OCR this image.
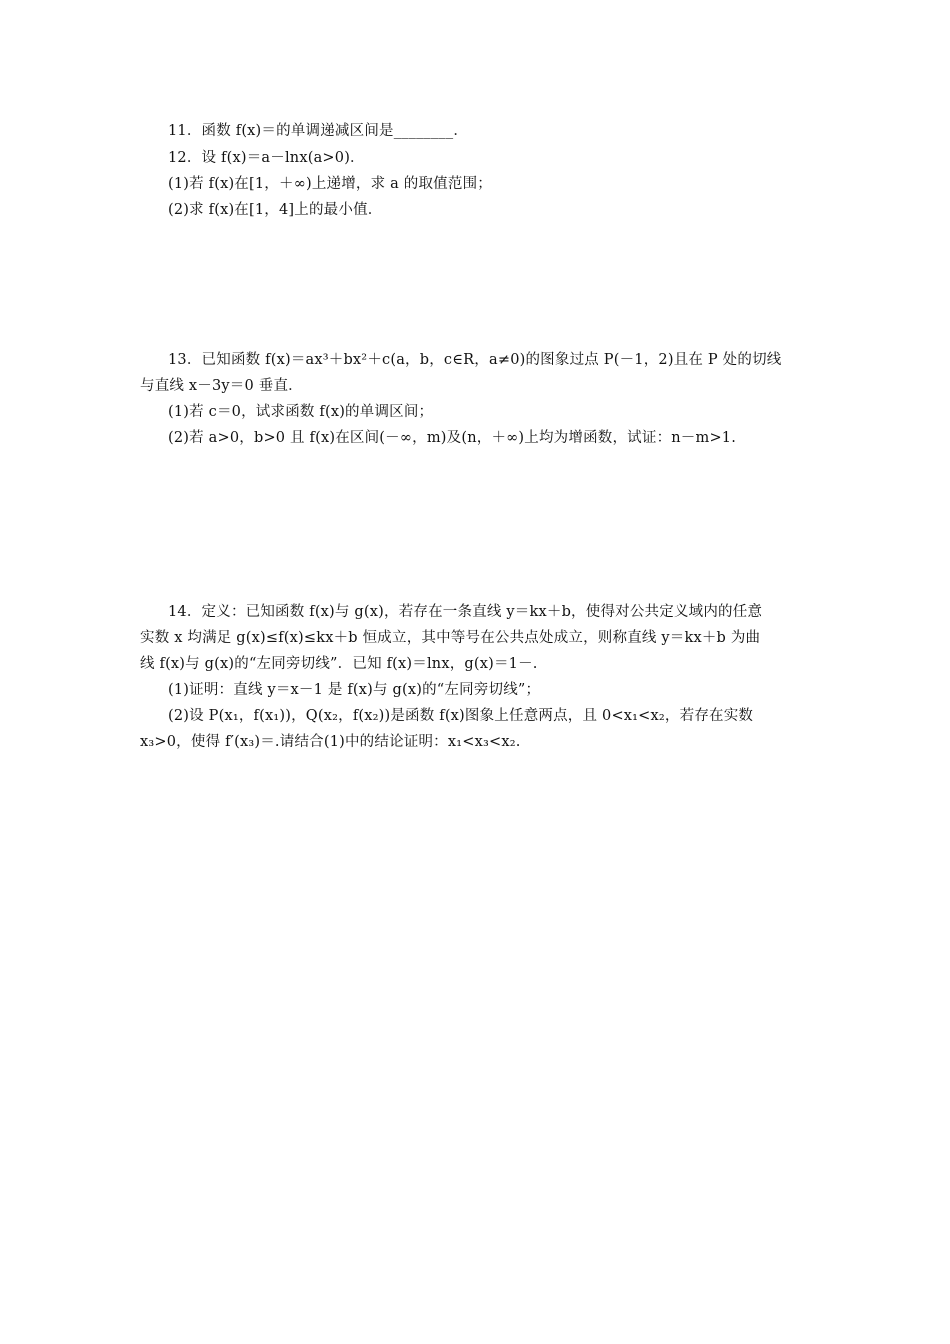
11．函数 f(x)＝的单调递减区间是________．
12．设 f(x)＝a－lnx(a>0)．
(1)若 f(x)在[1，＋∞)上递增，求 a 的取值范围；
(2)求 f(x)在[1，4]上的最小值．
13．已知函数 f(x)＝ax³＋bx²＋c(a，b，c∈R，a≠0)的图象过点 P(－1，2)且在 P 处的切线
与直线 x－3y＝0 垂直．
(1)若 c＝0，试求函数 f(x)的单调区间；
(2)若 a>0，b>0 且 f(x)在区间(－∞，m)及(n，＋∞)上均为增函数，试证：n－m>1.
14．定义：已知函数 f(x)与 g(x)，若存在一条直线 y＝kx＋b，使得对公共定义域内的任意
实数 x 均满足 g(x)≤f(x)≤kx＋b 恒成立，其中等号在公共点处成立，则称直线 y＝kx＋b 为曲
线 f(x)与 g(x)的“左同旁切线”．已知 f(x)＝lnx，g(x)＝1－.
(1)证明：直线 y＝x－1 是 f(x)与 g(x)的“左同旁切线”；
(2)设 P(x₁，f(x₁))，Q(x₂，f(x₂))是函数 f(x)图象上任意两点，且 0<x₁<x₂，若存在实数
x₃>0，使得 f′(x₃)＝.请结合(1)中的结论证明：x₁<x₃<x₂.
